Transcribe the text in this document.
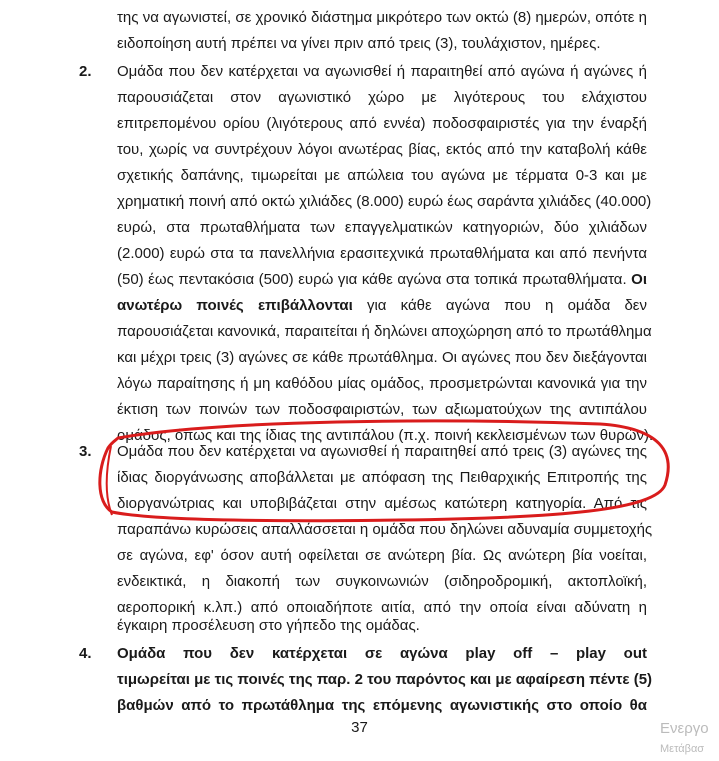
της να αγωνιστεί, σε χρονικό διάστημα μικρότερο των οκτώ (8) ημερών, οπότε η
ειδοποίηση αυτή πρέπει να γίνει πριν από τρεις (3), τουλάχιστον, ημέρες.
2. Ομάδα που δεν κατέρχεται να αγωνισθεί ή παραιτηθεί από αγώνα ή αγώνες ή
παρουσιάζεται στον αγωνιστικό χώρο με λιγότερους του ελάχιστου
επιτρεπομένου ορίου (λιγότερους από εννέα) ποδοσφαιριστές για την έναρξή
του, χωρίς να συντρέχουν λόγοι ανωτέρας βίας, εκτός από την καταβολή κάθε
σχετικής δαπάνης, τιμωρείται με απώλεια του αγώνα με τέρματα 0-3 και με
χρηματική ποινή από οκτώ χιλιάδες (8.000) ευρώ έως σαράντα χιλιάδες (40.000)
ευρώ, στα πρωταθλήματα των επαγγελματικών κατηγοριών, δύο χιλιάδων
(2.000) ευρώ στα τα πανελλήνια ερασιτεχνικά πρωταθλήματα και από πενήντα
(50) έως πεντακόσια (500) ευρώ για κάθε αγώνα στα τοπικά πρωταθλήματα. Οι
ανωτέρω ποινές επιβάλλονται για κάθε αγώνα που η ομάδα δεν
παρουσιάζεται κανονικά, παραιτείται ή δηλώνει αποχώρηση από το πρωτάθλημα
και μέχρι τρεις (3) αγώνες σε κάθε πρωτάθλημα. Οι αγώνες που δεν διεξάγονται
λόγω παραίτησης ή μη καθόδου μίας ομάδος, προσμετρώνται κανονικά για την
έκτιση των ποινών των ποδοσφαιριστών, των αξιωματούχων της αντιπάλου
ομάδος, όπως και της ίδιας της αντιπάλου (π.χ. ποινή κεκλεισμένων των θυρών).
3. Ομάδα που δεν κατέρχεται να αγωνισθεί ή παραιτηθεί από τρεις (3) αγώνες της
ίδιας διοργάνωσης αποβάλλεται με απόφαση της Πειθαρχικής Επιτροπής της
διοργανώτριας και υποβιβάζεται στην αμέσως κατώτερη κατηγορία. Από τις
παραπάνω κυρώσεις απαλλάσσεται η ομάδα που δηλώνει αδυναμία συμμετοχής
σε αγώνα, εφ' όσον αυτή οφείλεται σε ανώτερη βία. Ως ανώτερη βία νοείται,
ενδεικτικά, η διακοπή των συγκοινωνιών (σιδηροδρομική, ακτοπλοϊκή,
αεροπορική κ.λπ.) από οποιαδήποτε αιτία, από την οποία είναι αδύνατη η
έγκαιρη προσέλευση στο γήπεδο της ομάδας.
4. Ομάδα που δεν κατέρχεται σε αγώνα play off – play out
τιμωρείται με τις ποινές της παρ. 2 του παρόντος και με αφαίρεση πέντε (5)
βαθμών από το πρωτάθλημα της επόμενης αγωνιστικής στο οποίο θα
37	Ενεργο
Μετάβασ
